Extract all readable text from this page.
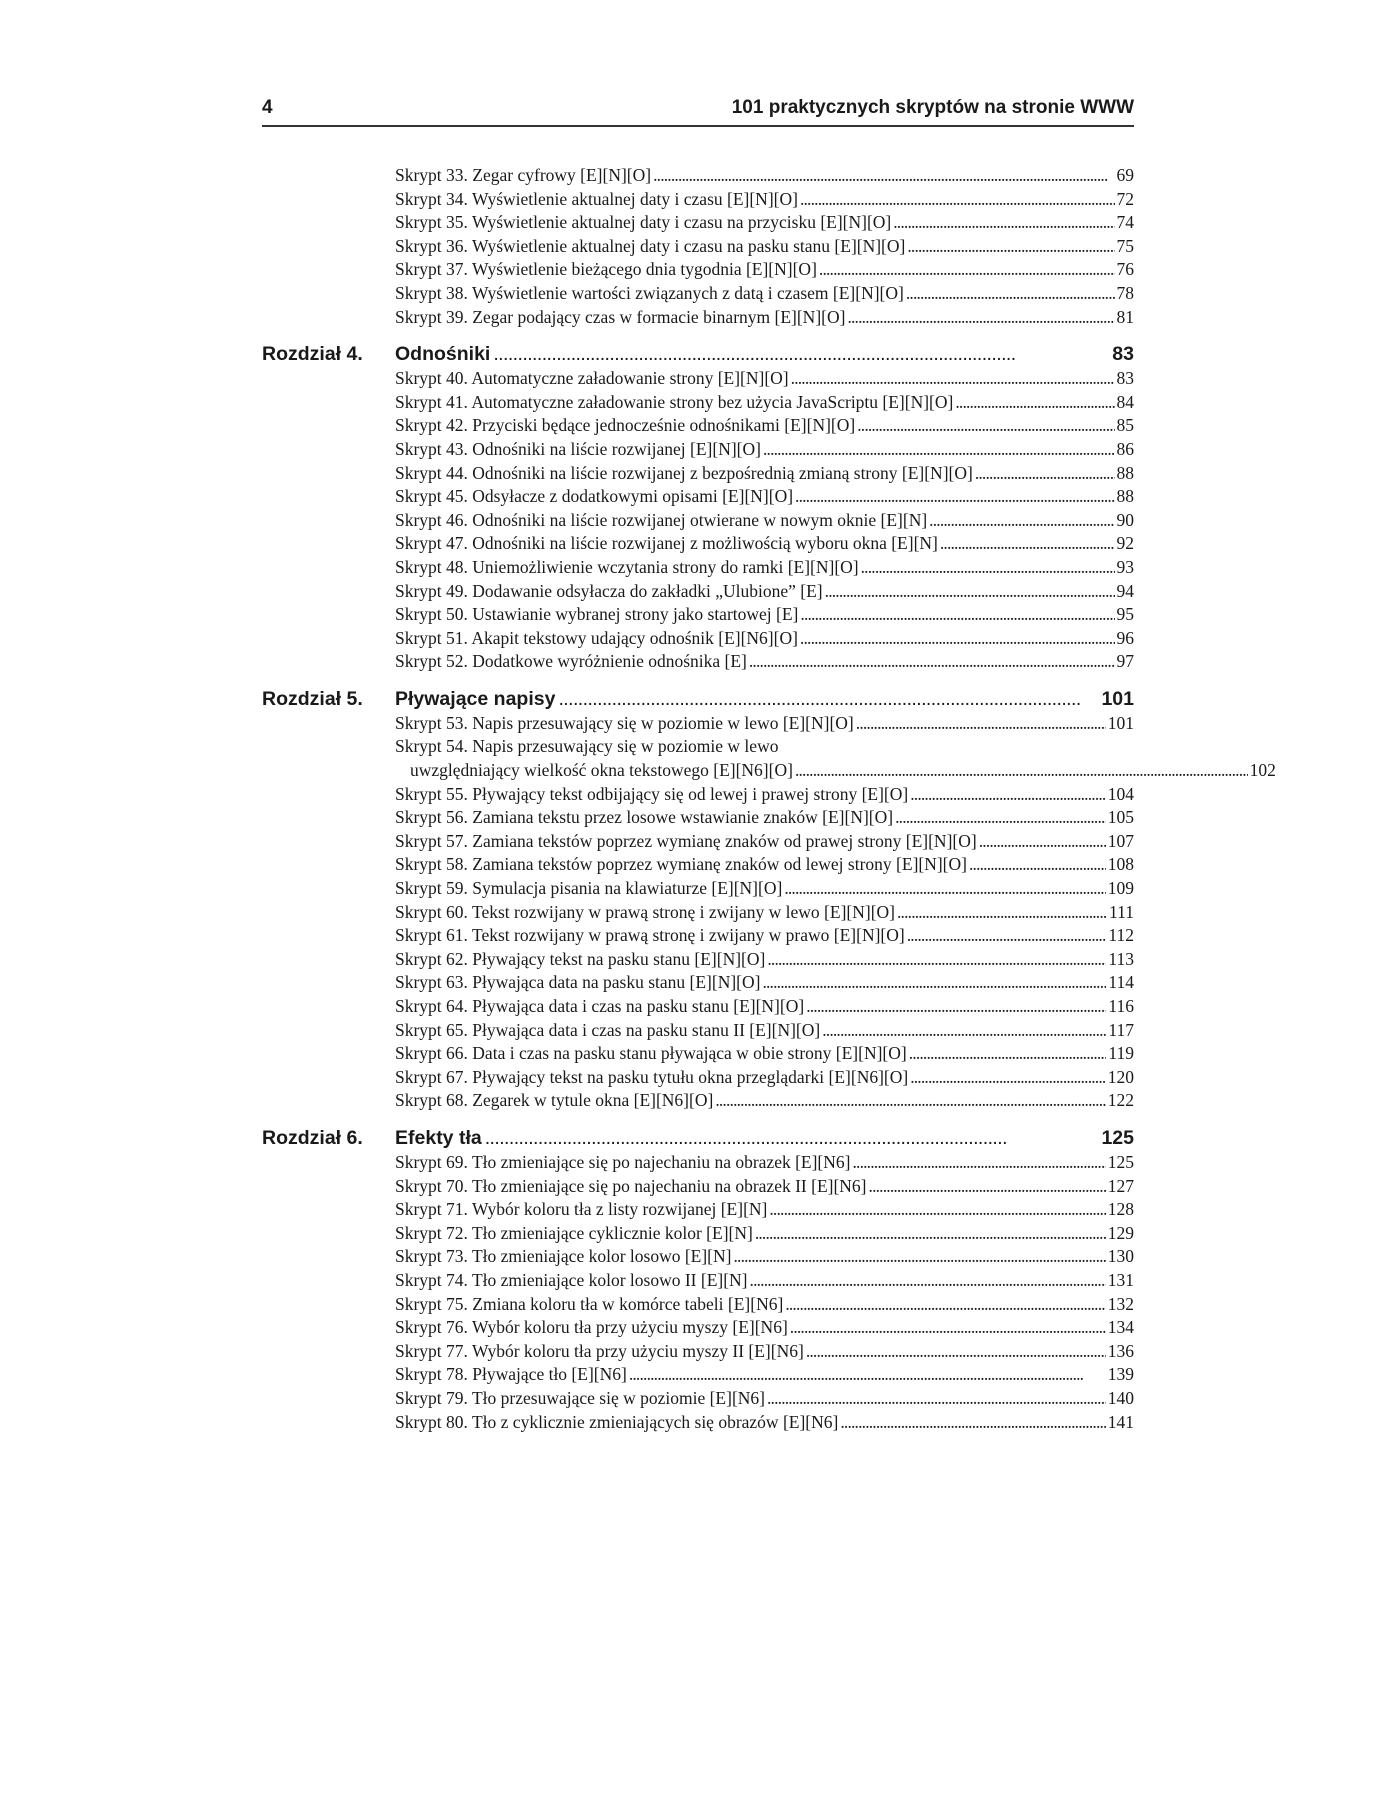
4	101 praktycznych skryptów na stronie WWW
Skrypt 33. Zegar cyfrowy [E][N][O] . . .	69
Skrypt 34. Wyświetlenie aktualnej daty i czasu [E][N][O] . . .	72
Skrypt 35. Wyświetlenie aktualnej daty i czasu na przycisku [E][N][O] . . .	74
Skrypt 36. Wyświetlenie aktualnej daty i czasu na pasku stanu [E][N][O] . . .	75
Skrypt 37. Wyświetlenie bieżącego dnia tygodnia [E][N][O] . . .	76
Skrypt 38. Wyświetlenie wartości związanych z datą i czasem [E][N][O] . . .	78
Skrypt 39. Zegar podający czas w formacie binarnym [E][N][O] . . .	81
Rozdział 4.	Odnośniki . . .	83
Skrypt 40. Automatyczne załadowanie strony [E][N][O] . . .	83
Skrypt 41. Automatyczne załadowanie strony bez użycia JavaScriptu [E][N][O] . . .	84
Skrypt 42. Przyciski będące jednocześnie odnośnikami [E][N][O] . . .	85
Skrypt 43. Odnośniki na liście rozwijanej [E][N][O] . . .	86
Skrypt 44. Odnośniki na liście rozwijanej z bezpośrednią zmianą strony [E][N][O] . . .	88
Skrypt 45. Odsyłacze z dodatkowymi opisami [E][N][O] . . .	88
Skrypt 46. Odnośniki na liście rozwijanej otwierane w nowym oknie [E][N] . . .	90
Skrypt 47. Odnośniki na liście rozwijanej z możliwością wyboru okna [E][N] . . .	92
Skrypt 48. Uniemożliwienie wczytania strony do ramki [E][N][O] . . .	93
Skrypt 49. Dodawanie odsyłacza do zakładki „Ulubione” [E] . . .	94
Skrypt 50. Ustawianie wybranej strony jako startowej [E] . . .	95
Skrypt 51. Akapit tekstowy udający odnośnik [E][N6][O] . . .	96
Skrypt 52. Dodatkowe wyróżnienie odnośnika [E] . . .	97
Rozdział 5.	Pływające napisy . . .	101
Skrypt 53. Napis przesuwający się w poziomie w lewo [E][N][O] . . .	101
Skrypt 54. Napis przesuwający się w poziomie w lewo
uwzględniający wielkość okna tekstowego [E][N6][O] . . .	102
Skrypt 55. Pływający tekst odbijający się od lewej i prawej strony [E][O] . . .	104
Skrypt 56. Zamiana tekstu przez losowe wstawianie znaków [E][N][O] . . .	105
Skrypt 57. Zamiana tekstów poprzez wymianę znaków od prawej strony [E][N][O] . . .	107
Skrypt 58. Zamiana tekstów poprzez wymianę znaków od lewej strony [E][N][O] . . .	108
Skrypt 59. Symulacja pisania na klawiaturze [E][N][O] . . .	109
Skrypt 60. Tekst rozwijany w prawą stronę i zwijany w lewo [E][N][O] . . .	111
Skrypt 61. Tekst rozwijany w prawą stronę i zwijany w prawo [E][N][O] . . .	112
Skrypt 62. Pływający tekst na pasku stanu [E][N][O] . . .	113
Skrypt 63. Pływająca data na pasku stanu [E][N][O] . . .	114
Skrypt 64. Pływająca data i czas na pasku stanu [E][N][O] . . .	116
Skrypt 65. Pływająca data i czas na pasku stanu II [E][N][O] . . .	117
Skrypt 66. Data i czas na pasku stanu pływająca w obie strony [E][N][O] . . .	119
Skrypt 67. Pływający tekst na pasku tytułu okna przeglądarki [E][N6][O] . . .	120
Skrypt 68. Zegarek w tytule okna [E][N6][O] . . .	122
Rozdział 6.	Efekty tła . . .	125
Skrypt 69. Tło zmieniające się po najechaniu na obrazek [E][N6] . . .	125
Skrypt 70. Tło zmieniające się po najechaniu na obrazek II [E][N6] . . .	127
Skrypt 71. Wybór koloru tła z listy rozwijanej [E][N] . . .	128
Skrypt 72. Tło zmieniające cyklicznie kolor [E][N] . . .	129
Skrypt 73. Tło zmieniające kolor losowo [E][N] . . .	130
Skrypt 74. Tło zmieniające kolor losowo II [E][N] . . .	131
Skrypt 75. Zmiana koloru tła w komórce tabeli [E][N6] . . .	132
Skrypt 76. Wybór koloru tła przy użyciu myszy [E][N6] . . .	134
Skrypt 77. Wybór koloru tła przy użyciu myszy II [E][N6] . . .	136
Skrypt 78. Pływające tło [E][N6] . . .	139
Skrypt 79. Tło przesuwające się w poziomie [E][N6] . . .	140
Skrypt 80. Tło z cyklicznie zmieniających się obrazów [E][N6] . . .	141
